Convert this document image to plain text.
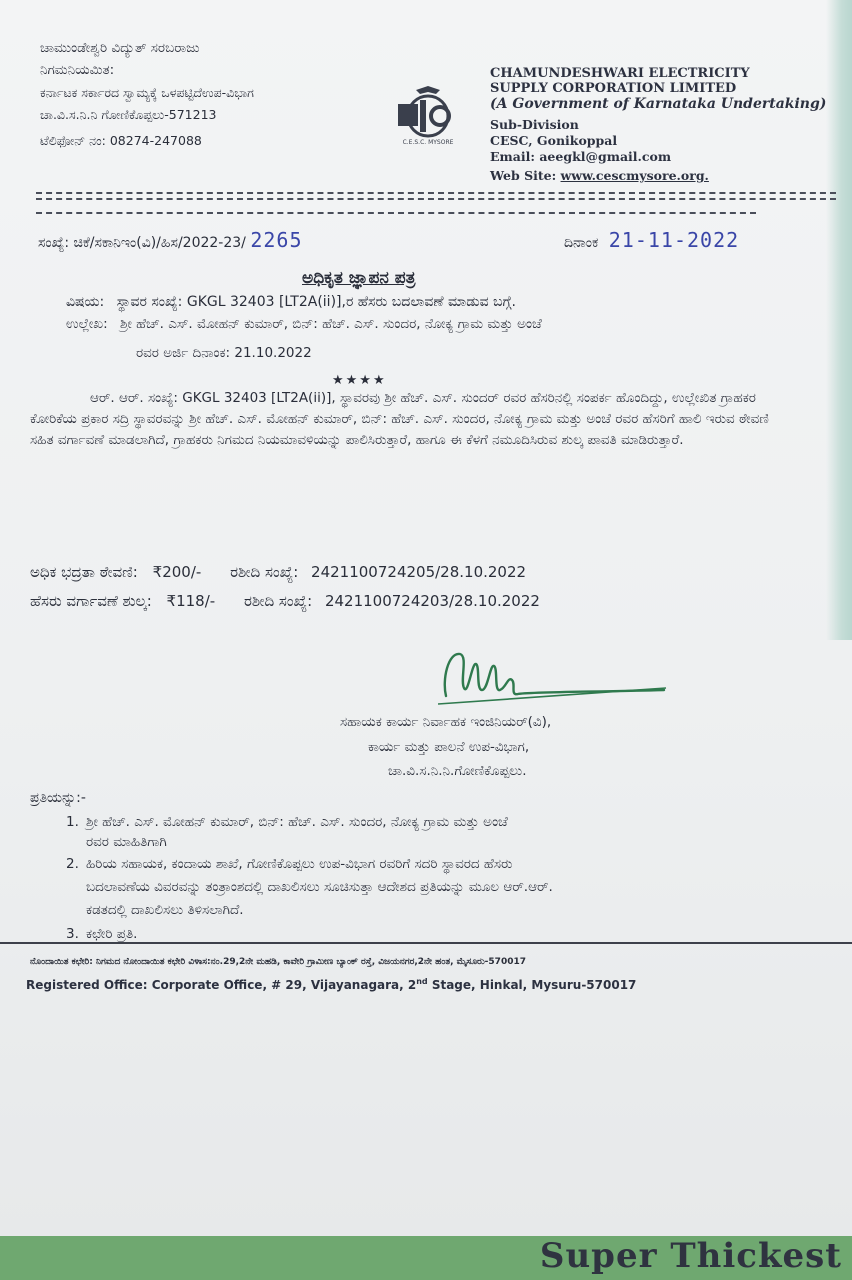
ಚಾಮುಂಡೇಶ್ವರಿ ವಿದ್ಯುತ್ ಸರಬರಾಜು
ನಿಗಮನಿಯಮಿತ:
ಕರ್ನಾಟಕ ಸರ್ಕಾರದ ಸ್ವಾಮ್ಯಕ್ಕೆ ಒಳಪಟ್ಟಿದೆಉಪ-ವಿಭಾಗ
ಚಾ.ವಿ.ಸ.ನಿ.ನಿ ಗೋಣಿಕೊಪ್ಪಲು-571213
ಟೆಲಿಫೋನ್ ನಂ: 08274-247088	C.E.S.C. MYSORE
CHAMUNDESHWARI ELECTRICITY
SUPPLY CORPORATION LIMITED
(A Government of Karnataka Undertaking)
Sub-Division
CESC, Gonikoppal
Email: aeegkl@gmail.com
Web Site: www.cescmysore.org.
ಸಂಖ್ಯೆ: ಚಿಕೆ/ಸಕಾನಿಇಂ(ವಿ)/ಹಿಸ/2022-23/ 2265	ದಿನಾಂಕ 21-11-2022
ಅಧಿಕೃತ ಜ್ಞಾಪನ ಪತ್ರ
ವಿಷಯ: ಸ್ಥಾವರ ಸಂಖ್ಯೆ: GKGL 32403 [LT2A(ii)],ರ ಹೆಸರು ಬದಲಾವಣೆ ಮಾಡುವ ಬಗ್ಗೆ.
ಉಲ್ಲೇಖ: ಶ್ರೀ ಹೆಚ್. ಎಸ್. ಮೋಹನ್ ಕುಮಾರ್, ಬಿನ್: ಹೆಚ್. ಎಸ್. ಸುಂದರ, ನೋಕ್ಯ ಗ್ರಾಮ ಮತ್ತು ಅಂಚೆ
ರವರ ಅರ್ಜಿ ದಿನಾಂಕ: 21.10.2022
★★★★
ಆರ್. ಆರ್. ಸಂಖ್ಯೆ: GKGL 32403 [LT2A(ii)], ಸ್ಥಾವರವು ಶ್ರೀ ಹೆಚ್. ಎಸ್. ಸುಂದರ್ ರವರ ಹೆಸರಿನಲ್ಲಿ ಸಂಪರ್ಕ ಹೊಂದಿದ್ದು, ಉಲ್ಲೇಖಿತ ಗ್ರಾಹಕರ ಕೋರಿಕೆಯ ಪ್ರಕಾರ ಸದ್ರಿ ಸ್ಥಾವರವನ್ನು ಶ್ರೀ ಹೆಚ್. ಎಸ್. ಮೋಹನ್ ಕುಮಾರ್, ಬಿನ್: ಹೆಚ್. ಎಸ್. ಸುಂದರ, ನೋಕ್ಯ ಗ್ರಾಮ ಮತ್ತು ಅಂಚೆ ರವರ ಹೆಸರಿಗೆ ಹಾಲಿ ಇರುವ ಠೇವಣಿ ಸಹಿತ ವರ್ಗಾವಣೆ ಮಾಡಲಾಗಿದೆ, ಗ್ರಾಹಕರು ನಿಗಮದ ನಿಯಮಾವಳಿಯನ್ನು ಪಾಲಿಸಿರುತ್ತಾರೆ, ಹಾಗೂ ಈ ಕೆಳಗೆ ನಮೂದಿಸಿರುವ ಶುಲ್ಕ ಪಾವತಿ ಮಾಡಿರುತ್ತಾರೆ.
ಅಧಿಕ ಭದ್ರತಾ ಠೇವಣಿ: ₹200/- ರಶೀದಿ ಸಂಖ್ಯೆ: 242110072420​5/28.10.2022
ಹೆಸರು ವರ್ಗಾವಣೆ ಶುಲ್ಕ: ₹118/- ರಶೀದಿ ಸಂಖ್ಯೆ: 2421100724203/28.10.2022
ಸಹಾಯಕ ಕಾರ್ಯ ನಿರ್ವಾಹಕ ಇಂಜಿನಿಯರ್(ವಿ),
ಕಾರ್ಯ ಮತ್ತು ಪಾಲನೆ ಉಪ-ವಿಭಾಗ,
ಚಾ.ವಿ.ಸ.ನಿ.ನಿ.ಗೋಣಿಕೊಪ್ಪಲು.
ಪ್ರತಿಯನ್ನು:-
1. ಶ್ರೀ ಹೆಚ್. ಎಸ್. ಮೋಹನ್ ಕುಮಾರ್, ಬಿನ್: ಹೆಚ್. ಎಸ್. ಸುಂದರ, ನೋಕ್ಯ ಗ್ರಾಮ ಮತ್ತು ಅಂಚೆ
ರವರ ಮಾಹಿತಿಗಾಗಿ
2. ಹಿರಿಯ ಸಹಾಯಕ, ಕಂದಾಯ ಶಾಖೆ, ಗೋಣಿಕೊಪ್ಪಲು ಉಪ-ವಿಭಾಗ ರವರಿಗೆ ಸದರಿ ಸ್ಥಾವರದ ಹೆಸರು
ಬದಲಾವಣೆಯ ವಿವರವನ್ನು ತಂತ್ರಾಂಶದಲ್ಲಿ ದಾಖಲಿಸಲು ಸೂಚಿಸುತ್ತಾ ಆದೇಶದ ಪ್ರತಿಯನ್ನು ಮೂಲ ಆರ್.ಆರ್.
ಕಡತದಲ್ಲಿ ದಾಖಲಿಸಲು ತಿಳಿಸಲಾಗಿದೆ.
3. ಕಛೇರಿ ಪ್ರತಿ.
ನೊಂದಾಯಿತ ಕಛೇರಿ: ನಿಗಮದ ನೋಂದಾಯಿತ ಕಛೇರಿ ವಿಳಾಸ:ನಂ.29,2ನೇ ಮಹಡಿ, ಕಾವೇರಿ ಗ್ರಾಮೀಣ ಬ್ಯಾಂಕ್ ರಸ್ತೆ, ವಿಜಯನಗರ,2ನೇ ಹಂತ, ಮೈಸೂರು-570017
Registered Office: Corporate Office, # 29, Vijayanagara, 2nd Stage, Hinkal, Mysuru-570017
Super Thickest
